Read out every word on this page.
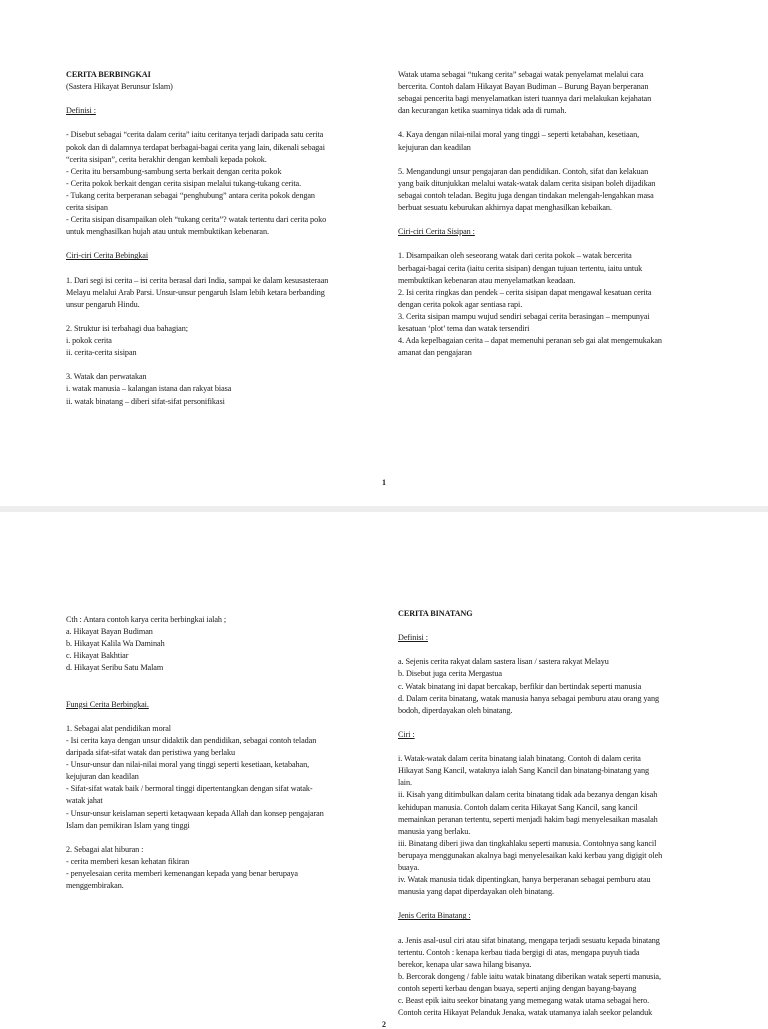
CERITA BERBINGKAI
(Sastera Hikayat Berunsur Islam)
Definisi :
- Disebut sebagai “cerita dalam cerita” iaitu ceritanya terjadi daripada satu cerita
pokok dan di dalamnya terdapat berbagai-bagai cerita yang lain, dikenali sebagai
“cerita sisipan”, cerita berakhir dengan kembali kepada pokok.
- Cerita itu bersambung-sambung serta berkait dengan cerita pokok
- Cerita pokok berkait dengan cerita sisipan melalui tukang-tukang cerita.
- Tukang cerita berperanan sebagai “penghubung” antara cerita pokok dengan
cerita sisipan
- Cerita sisipan disampaikan oleh “tukang cerita”? watak tertentu dari cerita poko
untuk menghasilkan hujah atau untuk membuktikan kebenaran.
Ciri-ciri Cerita Bebingkai
1. Dari segi isi cerita – isi cerita berasal dari India, sampai ke dalam kesusasteraan
Melayu melalui Arab Parsi. Unsur-unsur pengaruh Islam lebih ketara berbanding
unsur pengaruh Hindu.
2. Struktur isi terbahagi dua bahagian;
i. pokok cerita
ii. cerita-cerita sisipan
3. Watak dan perwatakan
i. watak manusia – kalangan istana dan rakyat biasa
ii. watak binatang – diberi sifat-sifat personifikasi
Watak utama sebagai “tukang cerita” sebagai watak penyelamat melalui cara
bercerita. Contoh dalam Hikayat Bayan Budiman – Burung Bayan berperanan
sebagai pencerita bagi menyelamatkan isteri tuannya dari melakukan kejahatan
dan kecurangan ketika suaminya tidak ada di rumah.
4. Kaya dengan nilai-nilai moral yang tinggi – seperti ketabahan, kesetiaan,
kejujuran dan keadilan
5. Mengandungi unsur pengajaran dan pendidikan. Contoh, sifat dan kelakuan
yang baik ditunjukkan melalui watak-watak dalam cerita sisipan boleh dijadikan
sebagai contoh teladan. Begitu juga dengan tindakan melengah-lengahkan masa
berbuat sesuatu keburukan akhirnya dapat menghasilkan kebaikan.
Ciri-ciri Cerita Sisipan :
1. Disampaikan oleh seseorang watak dari cerita pokok – watak bercerita
berbagai-bagai cerita (iaitu cerita sisipan) dengan tujuan tertentu, iaitu untuk
membuktikan kebenaran atau menyelamatkan keadaan.
2. Isi cerita ringkas dan pendek – cerita sisipan dapat mengawal kesatuan cerita
dengan cerita pokok agar sentiasa rapi.
3. Cerita sisipan mampu wujud sendiri sebagai cerita berasingan – mempunyai
kesatuan ‘plot’ tema dan watak tersendiri
4. Ada kepelbagaian cerita – dapat memenuhi peranan seb gai alat mengemukakan
amanat dan pengajaran
1
Cth : Antara contoh karya cerita berbingkai ialah ;
a. Hikayat Bayan Budiman
b. Hikayat Kalila Wa Daminah
c. Hikayat Bakhtiar
d. Hikayat Seribu Satu Malam
Fungsi Cerita Berbingkai.
1. Sebagai alat pendidikan moral
- Isi cerita kaya dengan unsur didaktik dan pendidikan, sebagai contoh teladan
daripada sifat-sifat watak dan peristiwa yang berlaku
- Unsur-unsur dan nilai-nilai moral yang tinggi seperti kesetiaan, ketabahan,
kejujuran dan keadilan
- Sifat-sifat watak baik / bermoral tinggi dipertentangkan dengan sifat watak-
watak jahat
- Unsur-unsur keislaman seperti ketaqwaan kepada Allah dan konsep pengajaran
Islam dan pemikiran Islam yang tinggi
2. Sebagai alat hiburan :
- cerita memberi kesan kehatan fikiran
- penyelesaian cerita memberi kemenangan kepada yang benar berupaya
menggembirakan.
CERITA BINATANG
Definisi :
a. Sejenis cerita rakyat dalam sastera lisan / sastera rakyat Melayu
b. Disebut juga cerita Mergastua
c. Watak binatang ini dapat bercakap, berfikir dan bertindak seperti manusia
d. Dalam cerita binatang, watak manusia hanya sebagai pemburu atau orang yang
bodoh, diperdayakan oleh binatang.
Ciri :
i. Watak-watak dalam cerita binatang ialah binatang. Contoh di dalam cerita
Hikayat Sang Kancil, wataknya ialah Sang Kancil dan binatang-binatang yang
lain.
ii. Kisah yang ditimbulkan dalam cerita binatang tidak ada bezanya dengan kisah
kehidupan manusia. Contoh dalam cerita Hikayat Sang Kancil, sang kancil
memainkan peranan tertentu, seperti menjadi hakim bagi menyelesaikan masalah
manusia yang berlaku.
iii. Binatang diberi jiwa dan tingkahlaku seperti manusia. Contohnya sang kancil
berupaya menggunakan akalnya bagi menyelesaikan kaki kerbau yang digigit oleh
buaya.
iv. Watak manusia tidak dipentingkan, hanya berperanan sebagai pemburu atau
manusia yang dapat diperdayakan oleh binatang.
Jenis Cerita Binatang :
a. Jenis asal-usul ciri atau sifat binatang, mengapa terjadi sesuatu kepada binatang
tertentu. Contoh : kenapa kerbau tiada bergigi di atas, mengapa puyuh tiada
berekor, kenapa ular sawa hilang bisanya.
b. Bercorak dongeng / fable iaitu watak binatang diberikan watak seperti manusia,
contoh seperti kerbau dengan buaya, seperti anjing dengan bayang-bayang
c. Beast epik iaitu seekor binatang yang memegang watak utama sebagai hero.
Contoh cerita Hikayat Pelanduk Jenaka, watak utamanya ialah seekor pelanduk
2
